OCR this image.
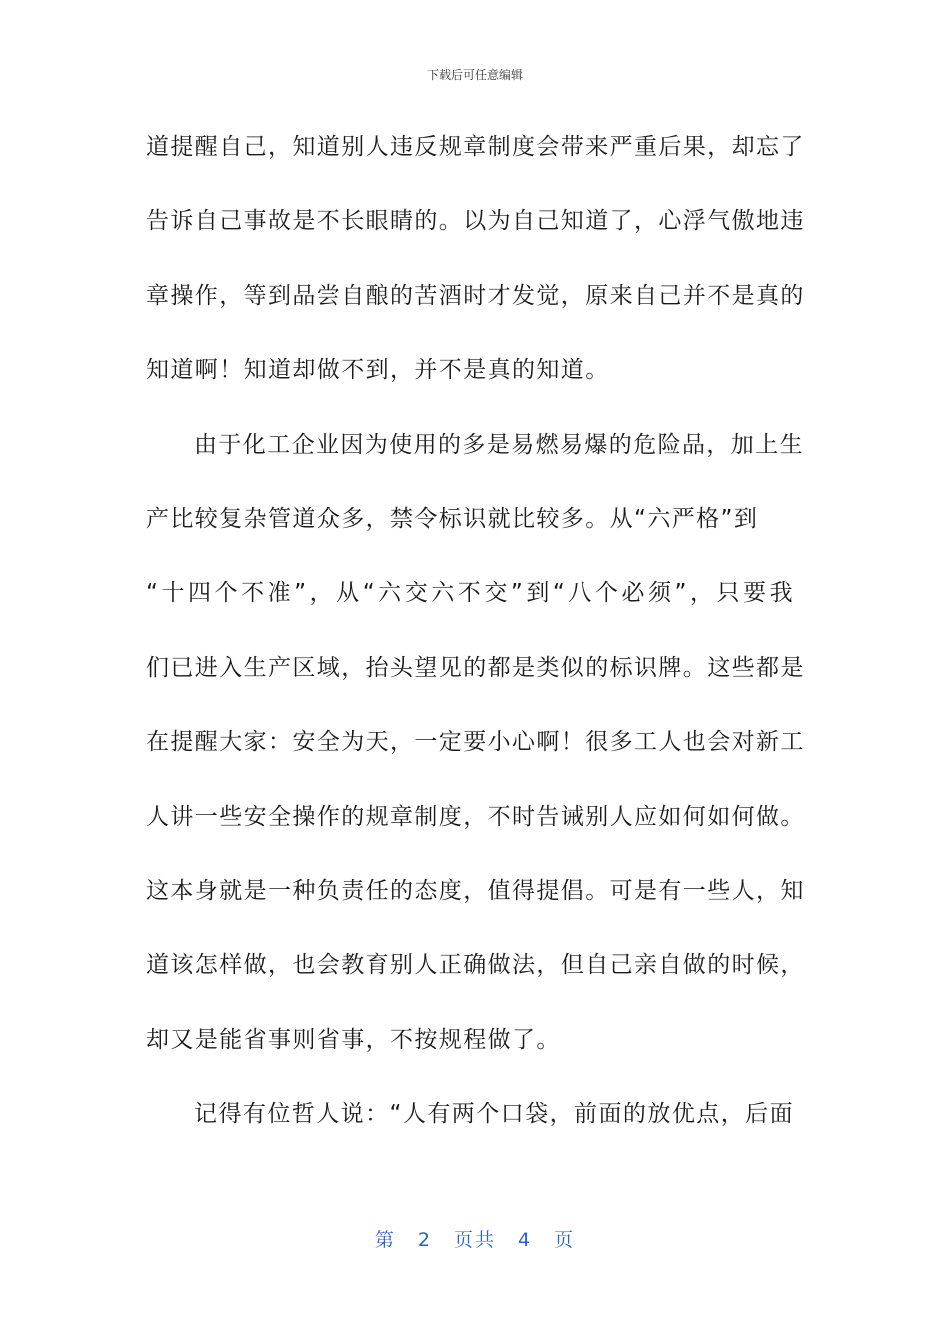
下载后可任意编辑
道提醒自己，知道别人违反规章制度会带来严重后果，却忘了
告诉自己事故是不长眼睛的。以为自己知道了，心浮气傲地违
章操作，等到品尝自酿的苦酒时才发觉，原来自己并不是真的
知道啊！知道却做不到，并不是真的知道。
由于化工企业因为使用的多是易燃易爆的危险品，加上生
产比较复杂管道众多，禁令标识就比较多。从“六严格”到
“十四个不准”，从“六交六不交”到“八个必须”，只要我
们已进入生产区域，抬头望见的都是类似的标识牌。这些都是
在提醒大家：安全为天，一定要小心啊！很多工人也会对新工
人讲一些安全操作的规章制度，不时告诫别人应如何如何做。
这本身就是一种负责任的态度，值得提倡。可是有一些人，知
道该怎样做，也会教育别人正确做法，但自己亲自做的时候，
却又是能省事则省事，不按规程做了。
记得有位哲人说：“人有两个口袋，前面的放优点，后面
第 2 页共 4 页
